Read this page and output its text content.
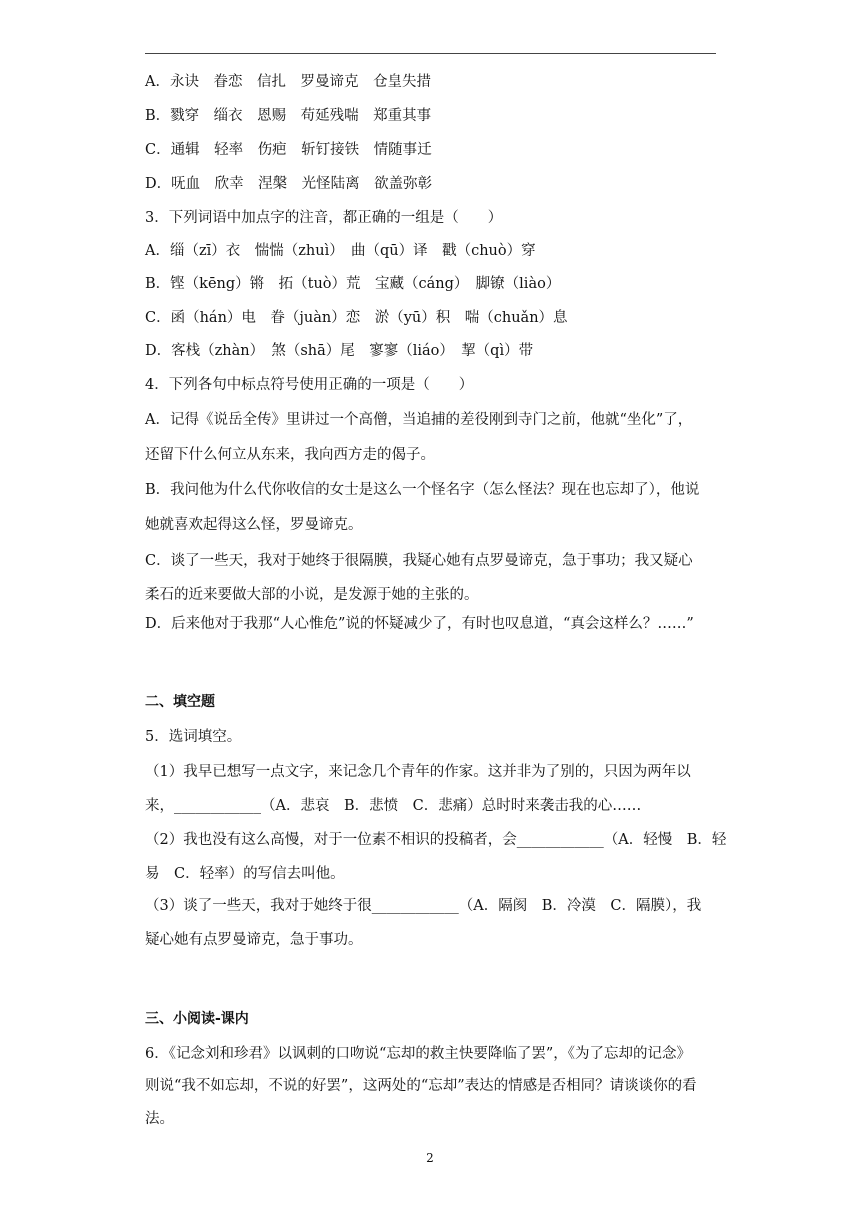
A．永诀　眷恋　信扎　罗曼谛克　仓皇失措
B．戮穿　缁衣　恩赐　苟延残喘　郑重其事
C．通辑　轻率　伤疤　斩钉接铁　情随事迁
D．呒血　欣幸　涅槃　光怪陆离　欲盖弥彰
3．下列词语中加点字的注音，都正确的一组是（　　）
A．缁（zī）衣　惴惴（zhuì）　曲（qū）译　戳（chuò）穿
B．铿（kēng）锵　拓（tuò）荒　宝藏（cáng）　脚镣（liào）
C．函（hán）电　眷（juàn）恋　淤（yū）积　喘（chuǎn）息
D．客栈（zhàn）　煞（shā）尾　寥寥（liáo）　挈（qì）带
4．下列各句中标点符号使用正确的一项是（　　）
A．记得《说岳全传》里讲过一个高僧，当追捕的差役刚到寺门之前，他就“坐化”了，
还留下什么何立从东来，我向西方走的偈子。
B．我问他为什么代你收信的女士是这么一个怪名字（怎么怪法？现在也忘却了），他说
她就喜欢起得这么怪，罗曼谛克。
C．谈了一些天，我对于她终于很隔膜，我疑心她有点罗曼谛克，急于事功；我又疑心
柔石的近来要做大部的小说，是发源于她的主张的。
D．后来他对于我那“人心惟危”说的怀疑减少了，有时也叹息道，“真会这样么？……”
二、填空题
5．选词填空。
（1）我早已想写一点文字，来记念几个青年的作家。这并非为了别的，只因为两年以
来，____________（A．悲哀　B．悲愤　C．悲痛）总时时来袭击我的心……
（2）我也没有这么高慢，对于一位素不相识的投稿者，会____________（A．轻慢　B．轻
易　C．轻率）的写信去叫他。
（3）谈了一些天，我对于她终于很____________（A．隔阂　B．冷漠　C．隔膜），我
疑心她有点罗曼谛克，急于事功。
三、小阅读-课内
6．《记念刘和珍君》以讽刺的口吻说“忘却的救主快要降临了罢”，《为了忘却的记念》
则说“我不如忘却，不说的好罢”，这两处的“忘却”表达的情感是否相同？请谈谈你的看
法。
2
